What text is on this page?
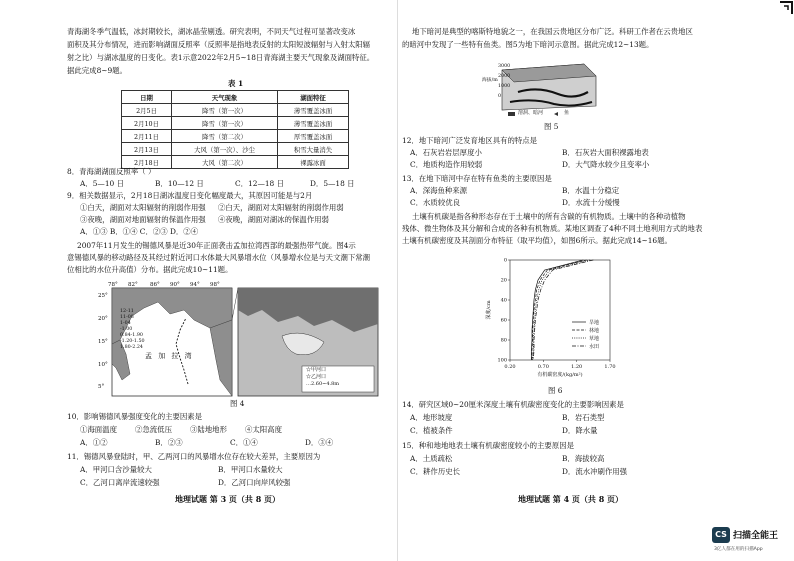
青海湖冬季气温低，冰封期较长，湖冰晶莹剔透。研究表明，不同天气过程可显著改变冰
面积及其分布情况，进而影响湖面反照率（反照率是指地表反射的太阳短波辐射与入射太阳辐
射之比）与湖冰温度的日变化。表1示意2022年2月5~18日青海湖主要天气现象及湖面特征。
据此完成8~9题。
表 1
日期	天气现象	湖面特征
2月5日	降雪（第一次）	薄雪覆盖冰面
2月10日	降雪（第一次）	薄雪覆盖冰面
2月11日	降雪（第二次）	厚雪覆盖冰面
2月13日	大风（第一次）、沙尘	积雪大量消失
2月18日	大风（第二次）	裸露冰面
8．青海湖湖面反照率（ ）
A．5—10 日	B．10—12 日	C．12—18 日	D．5—18 日
9．相关数据显示，2月18日湖冰温度日变化幅度最大，其原因可能是与2月
①白天，湖面对太阳辐射的削弱作用强 ②白天，湖面对太阳辐射的削弱作用弱
③夜晚，湖面对地面辐射的保温作用强 ④夜晚，湖面对湖冰的保温作用弱
A．①③ B．①④ C．②③ D．②④
2007年11月发生的锡德风暴是近30年正面袭击孟加拉湾西部的最强热带气旋。图4示
意锡德风暴的移动路径及其经过附近河口水体最大风暴增水位（风暴增水位是与天文潮下常潮
位相比的水位升高值）分布。据此完成10~11题。
78° 82° 86° 90° 94° 98°
25°
20°
15°
10°
5°
12-11
11-08
1-04
-1.00
0.84-1.90
-1.20-1.50
1.80-2.24
孟 加 拉 湾
☆甲河口
☆乙河口
…2.60~4.8m
图 4
10．影响锡德风暴强度变化的主要因素是
①海面温度 ②急流低压 ③陆地地形 ④太阳高度
A．①②	B．②③	C．①④	D．③④
11．锡德风暴登陆时，甲、乙两河口的风暴增水位存在较大差异，主要原因为
A．甲河口含沙量较大	B．甲河口水量较大
C．乙河口离岸流速较强	D．乙河口向岸风较强
地理试题 第 3 页（共 8 页）
地下暗河是典型的喀斯特地貌之一，在我国云贵地区分布广泛。科研工作者在云贵地区
的暗河中发现了一些特有鱼类。图5为地下暗河示意图。据此完成12~13题。
3000
2000
1000
0
海拔/m
溶洞、暗河	鱼
图 5
12．地下暗河广泛发育地区具有的特点是
A．石灰岩岩层厚度小	B．石灰岩大面积裸露地表
C．地质构造作用较弱	D．大气降水较少且变率小
13．在地下暗河中存在特有鱼类的主要原因是
A．深海鱼种来源	B．水温十分稳定
C．水质较优良	D．水流十分缓慢
土壤有机碳是指各种形态存在于土壤中的所有含碳的有机物质。土壤中的各种动植物
残体、微生物体及其分解和合成的各种有机物质。某地区调查了4种不同土地利用方式的地表
土壤有机碳密度及其剖面分布特征（取平均值），如图6所示。据此完成14~16题。
0.20	0.70	1.20	1.70
0
20
40
60
80
100
有机碳密度/(kg/m²)
深度/cm
旱地
林地
草地
水田
图 6
14．研究区域0~20厘米深度土壤有机碳密度变化的主要影响因素是
A．地形坡度	B．岩石类型
C．植被条件	D．降水量
15．种和地地地表土壤有机碳密度较小的主要原因是
A．土质疏松	B．海拔较高
C．耕作历史长	D．流水冲刷作用强
地理试题 第 4 页（共 8 页）
CS 扫描全能王
3亿人都在用的扫描App
